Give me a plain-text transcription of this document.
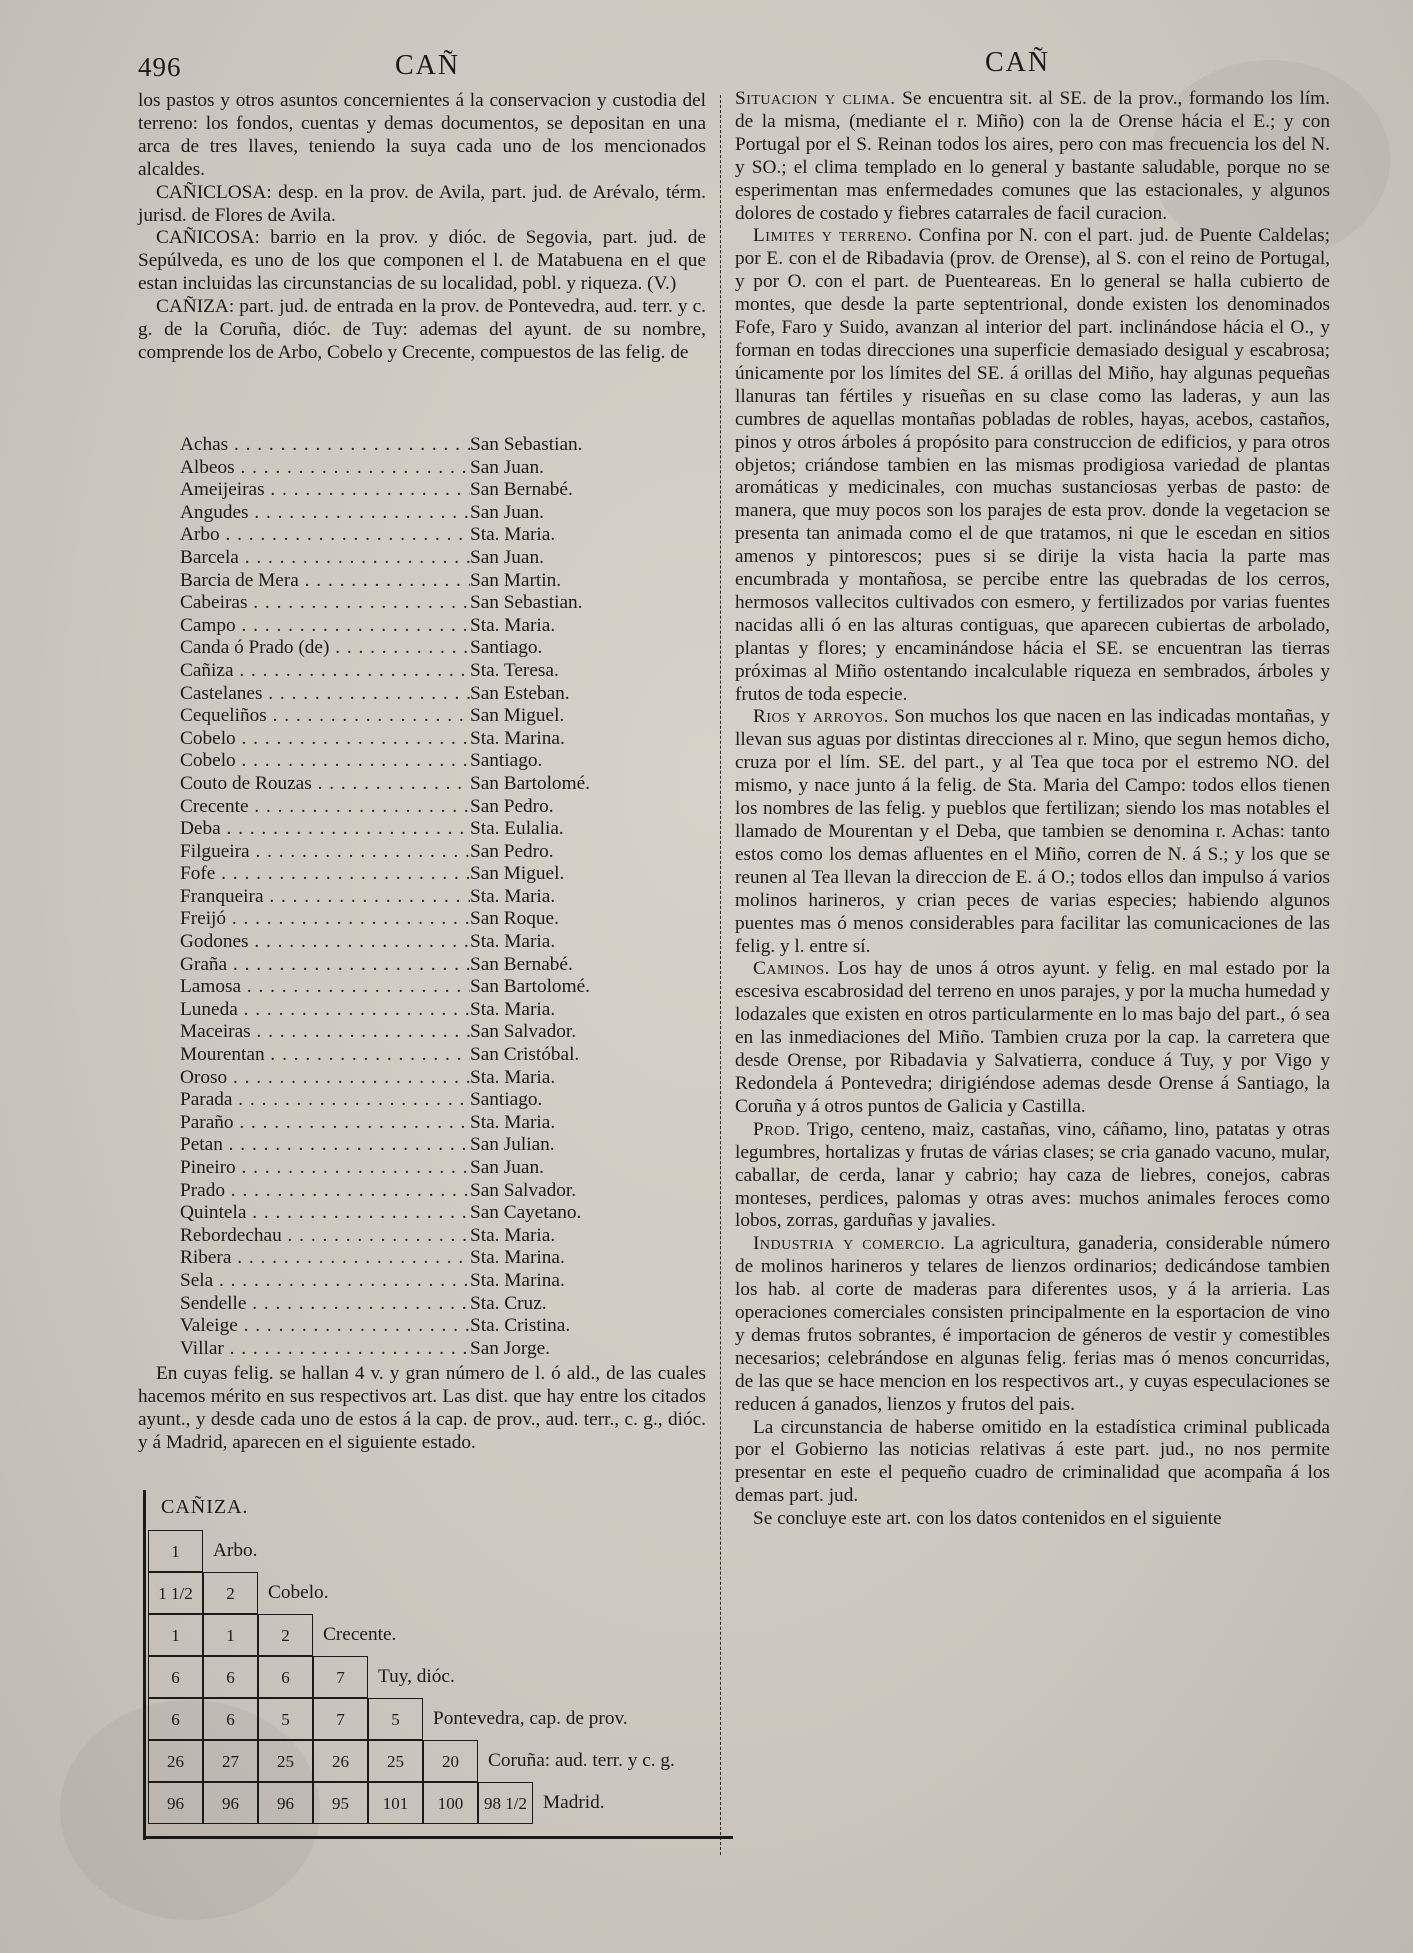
496	CAÑ	CAÑ

los pastos y otros asuntos concernientes á la conservacion y custodia del terreno: los fondos, cuentas y demas documentos, se depositan en una arca de tres llaves, teniendo la suya cada uno de los mencionados alcaldes.

CAÑICLOSA: desp. en la prov. de Avila, part. jud. de Arévalo, térm. jurisd. de Flores de Avila.

CAÑICOSA: barrio en la prov. y dióc. de Segovia, part. jud. de Sepúlveda, es uno de los que componen el l. de Matabuena en el que estan incluidas las circunstancias de su localidad, pobl. y riqueza. (V.)

CAÑIZA: part. jud. de entrada en la prov. de Pontevedra, aud. terr. y c. g. de la Coruña, dióc. de Tuy: ademas del ayunt. de su nombre, comprende los de Arbo, Cobelo y Crecente, compuestos de las felig. de

Achas . . .	San Sebastian.
Albeos . . .	San Juan.
Ameijeiras . . .	San Bernabé.
Angudes . . .	San Juan.
Arbo . . .	Sta. Maria.
Barcela . . .	San Juan.
Barcia de Mera . . .	San Martin.
Cabeiras . . .	San Sebastian.
Campo . . .	Sta. Maria.
Canda ó Prado (de) . . .	Santiago.
Cañiza . . .	Sta. Teresa.
Castelanes . . .	San Esteban.
Cequeliños . . .	San Miguel.
Cobelo . . .	Sta. Marina.
Cobelo . . .	Santiago.
Couto de Rouzas . . .	San Bartolomé.
Crecente . . .	San Pedro.
Deba . . .	Sta. Eulalia.
Filgueira . . .	San Pedro.
Fofe . . .	San Miguel.
Franqueira . . .	Sta. Maria.
Freijó . . .	San Roque.
Godones . . .	Sta. Maria.
Graña . . .	San Bernabé.
Lamosa . . .	San Bartolomé.
Luneda . . .	Sta. Maria.
Maceiras . . .	San Salvador.
Mourentan . . .	San Cristóbal.
Oroso . . .	Sta. Maria.
Parada . . .	Santiago.
Paraño . . .	Sta. Maria.
Petan . . .	San Julian.
Pineiro . . .	San Juan.
Prado . . .	San Salvador.
Quintela . . .	San Cayetano.
Rebordechau . . .	Sta. Maria.
Ribera . . .	Sta. Marina.
Sela . . .	Sta. Marina.
Sendelle . . .	Sta. Cruz.
Valeige . . .	Sta. Cristina.
Villar . . .	San Jorge.

En cuyas felig. se hallan 4 v. y gran número de l. ó ald., de las cuales hacemos mérito en sus respectivos art. Las dist. que hay entre los citados ayunt., y desde cada uno de estos á la cap. de prov., aud. terr., c. g., dióc. y á Madrid, aparecen en el siguiente estado.

CAÑIZA.
1	Arbo.
1 1/2	2	Cobelo.
1	1	2	Crecente.
6	6	6	7	Tuy, dióc.
6	6	5	7	5	Pontevedra, cap. de prov.
26	27	25	26	25	20	Coruña: aud. terr. y c. g.
96	96	96	95	101	100	98 1/2 Madrid.

Situacion y clima. Se encuentra sit. al SE. de la prov., formando los lím. de la misma, (mediante el r. Miño) con la de Orense hácia el E.; y con Portugal por el S. Reinan todos los aires, pero con mas frecuencia los del N. y SO.; el clima templado en lo general y bastante saludable, porque no se esperimentan mas enfermedades comunes que las estacionales, y algunos dolores de costado y fiebres catarrales de facil curacion.

Limites y terreno. Confina por N. con el part. jud. de Puente Caldelas; por E. con el de Ribadavia (prov. de Orense), al S. con el reino de Portugal, y por O. con el part. de Puenteareas. En lo general se halla cubierto de montes, que desde la parte septentrional, donde existen los denominados Fofe, Faro y Suido, avanzan al interior del part. inclinándose hácia el O., y forman en todas direcciones una superficie demasiado desigual y escabrosa; únicamente por los límites del SE. á orillas del Miño, hay algunas pequeñas llanuras tan fértiles y risueñas en su clase como las laderas, y aun las cumbres de aquellas montañas pobladas de robles, hayas, acebos, castaños, pinos y otros árboles á propósito para construccion de edificios, y para otros objetos; criándose tambien en las mismas prodigiosa variedad de plantas aromáticas y medicinales, con muchas sustanciosas yerbas de pasto: de manera, que muy pocos son los parajes de esta prov. donde la vegetacion se presenta tan animada como el de que tratamos, ni que le escedan en sitios amenos y pintorescos; pues si se dirije la vista hacia la parte mas encumbrada y montañosa, se percibe entre las quebradas de los cerros, hermosos vallecitos cultivados con esmero, y fertilizados por varias fuentes nacidas alli ó en las alturas contiguas, que aparecen cubiertas de arbolado, plantas y flores; y encaminándose hácia el SE. se encuentran las tierras próximas al Miño ostentando incalculable riqueza en sembrados, árboles y frutos de toda especie.

Rios y arroyos. Son muchos los que nacen en las indicadas montañas, y llevan sus aguas por distintas direcciones al r. Mino, que segun hemos dicho, cruza por el lím. SE. del part., y al Tea que toca por el estremo NO. del mismo, y nace junto á la felig. de Sta. Maria del Campo: todos ellos tienen los nombres de las felig. y pueblos que fertilizan; siendo los mas notables el llamado de Mourentan y el Deba, que tambien se denomina r. Achas: tanto estos como los demas afluentes en el Miño, corren de N. á S.; y los que se reunen al Tea llevan la direccion de E. á O.; todos ellos dan impulso á varios molinos harineros, y crian peces de varias especies; habiendo algunos puentes mas ó menos considerables para facilitar las comunicaciones de las felig. y l. entre sí.

Caminos. Los hay de unos á otros ayunt. y felig. en mal estado por la escesiva escabrosidad del terreno en unos parajes, y por la mucha humedad y lodazales que existen en otros particularmente en lo mas bajo del part., ó sea en las inmediaciones del Miño. Tambien cruza por la cap. la carretera que desde Orense, por Ribadavia y Salvatierra, conduce á Tuy, y por Vigo y Redondela á Pontevedra; dirigiéndose ademas desde Orense á Santiago, la Coruña y á otros puntos de Galicia y Castilla.

Prod. Trigo, centeno, maiz, castañas, vino, cáñamo, lino, patatas y otras legumbres, hortalizas y frutas de várias clases; se cria ganado vacuno, mular, caballar, de cerda, lanar y cabrio; hay caza de liebres, conejos, cabras monteses, perdices, palomas y otras aves: muchos animales feroces como lobos, zorras, garduñas y javalies.

Industria y comercio. La agricultura, ganaderia, considerable número de molinos harineros y telares de lienzos ordinarios; dedicándose tambien los hab. al corte de maderas para diferentes usos, y á la arrieria. Las operaciones comerciales consisten principalmente en la esportacion de vino y demas frutos sobrantes, é importacion de géneros de vestir y comestibles necesarios; celebrándose en algunas felig. ferias mas ó menos concurridas, de las que se hace mencion en los respectivos art., y cuyas especulaciones se reducen á ganados, lienzos y frutos del pais.

La circunstancia de haberse omitido en la estadística criminal publicada por el Gobierno las noticias relativas á este part. jud., no nos permite presentar en este el pequeño cuadro de criminalidad que acompaña á los demas part. jud.

Se concluye este art. con los datos contenidos en el siguiente
